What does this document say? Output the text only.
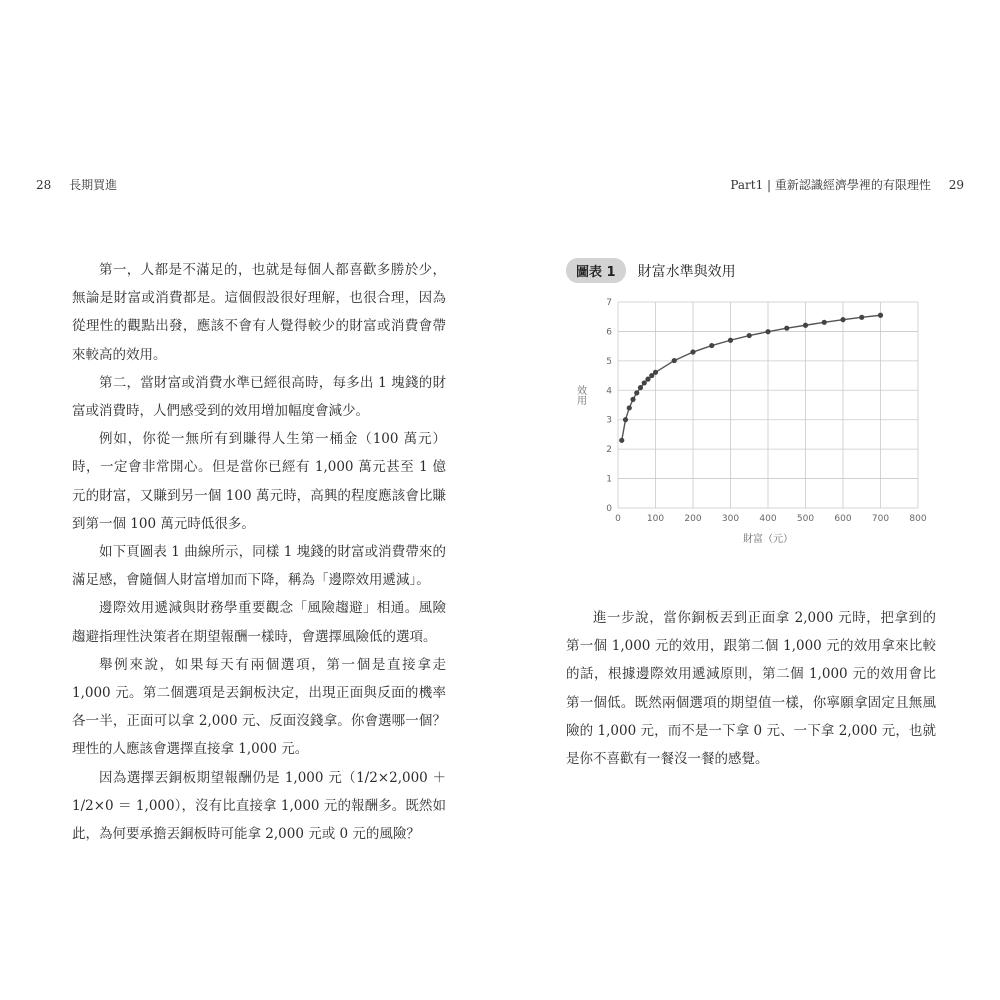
28 長期買進	Part1 | 重新認識經濟學裡的有限理性 29

第一，人都是不滿足的，也就是每個人都喜歡多勝於少，無論是財富或消費都是。這個假設很好理解，也很合理，因為從理性的觀點出發，應該不會有人覺得較少的財富或消費會帶來較高的效用。

第二，當財富或消費水準已經很高時，每多出 1 塊錢的財富或消費時，人們感受到的效用增加幅度會減少。

例如，你從一無所有到賺得人生第一桶金（100 萬元）時，一定會非常開心。但是當你已經有 1,000 萬元甚至 1 億元的財富，又賺到另一個 100 萬元時，高興的程度應該會比賺到第一個 100 萬元時低很多。

如下頁圖表 1 曲線所示，同樣 1 塊錢的財富或消費帶來的滿足感，會隨個人財富增加而下降，稱為「邊際效用遞減」。

邊際效用遞減與財務學重要觀念「風險趨避」相通。風險趨避指理性決策者在期望報酬一樣時，會選擇風險低的選項。

舉例來說，如果每天有兩個選項，第一個是直接拿走 1,000 元。第二個選項是丟銅板決定，出現正面與反面的機率各一半，正面可以拿 2,000 元、反面沒錢拿。你會選哪一個？理性的人應該會選擇直接拿 1,000 元。

因為選擇丟銅板期望報酬仍是 1,000 元（1/2×2,000 ＋ 1/2×0 ＝ 1,000），沒有比直接拿 1,000 元的報酬多。既然如此，為何要承擔丟銅板時可能拿 2,000 元或 0 元的風險？

圖表 1	財富水準與效用
0
1
2
3
4
5
6
7
0	100 200 300 400 500 600 700 800
財富（元）
效用

進一步說，當你銅板丟到正面拿 2,000 元時，把拿到的第一個 1,000 元的效用，跟第二個 1,000 元的效用拿來比較的話，根據邊際效用遞減原則，第二個 1,000 元的效用會比第一個低。既然兩個選項的期望值一樣，你寧願拿固定且無風險的 1,000 元，而不是一下拿 0 元、一下拿 2,000 元，也就是你不喜歡有一餐沒一餐的感覺。
